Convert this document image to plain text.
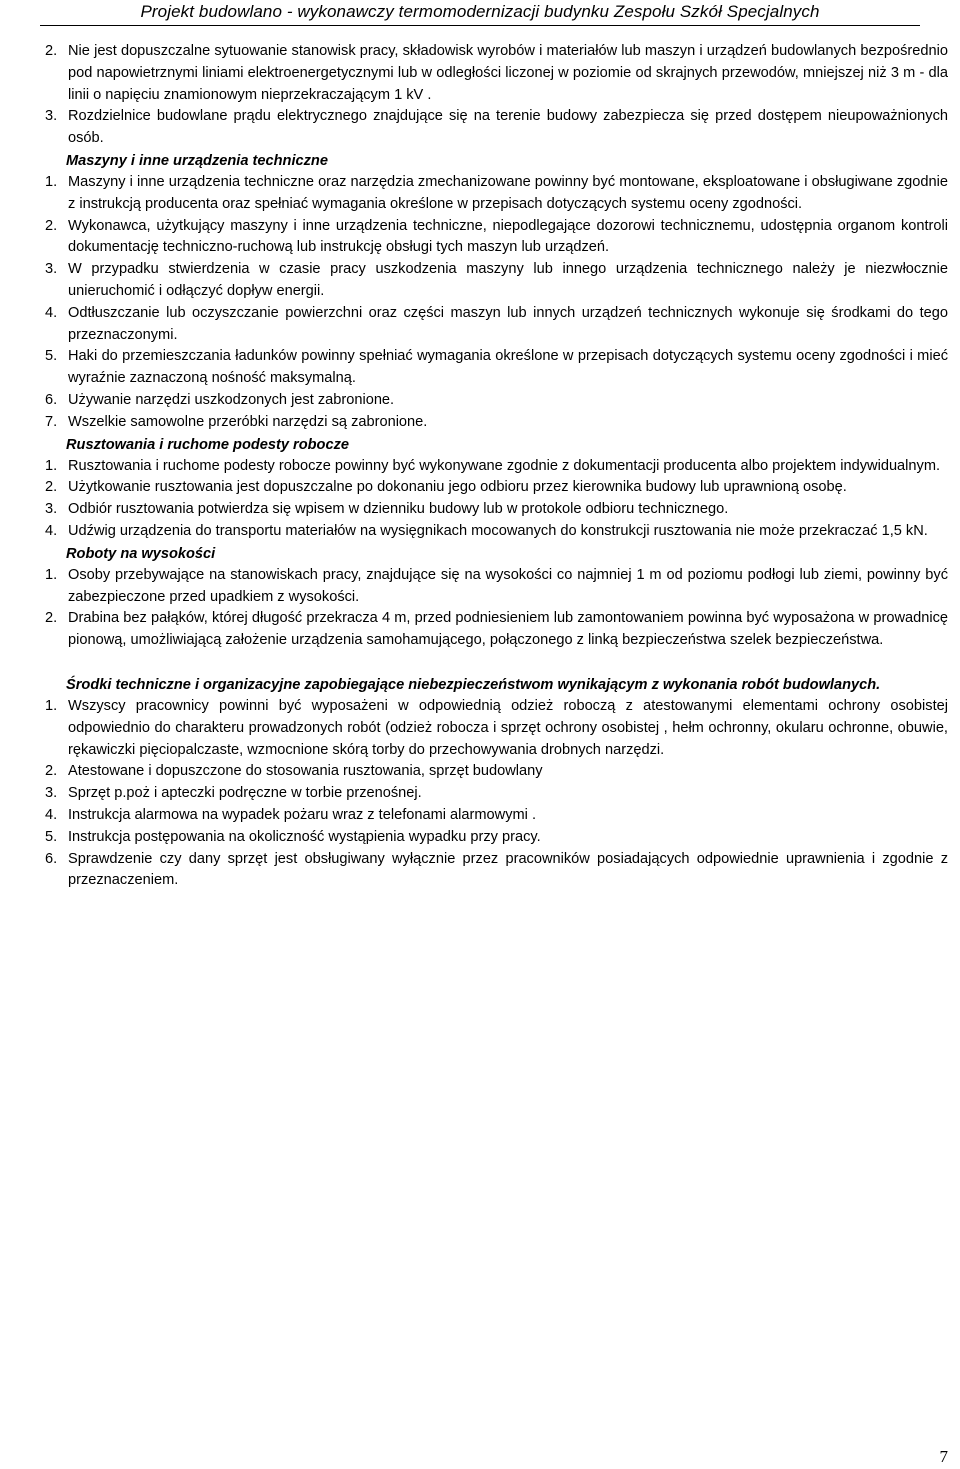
Projekt budowlano - wykonawczy termomodernizacji budynku Zespołu Szkół Specjalnych
2. Nie jest dopuszczalne sytuowanie stanowisk pracy, składowisk wyrobów i materiałów lub maszyn i urządzeń budowlanych bezpośrednio pod napowietrznymi liniami elektroenergetycznymi lub w odległości liczonej w poziomie od skrajnych przewodów, mniejszej niż 3 m - dla linii o napięciu znamionowym nieprzekraczającym 1 kV .
3. Rozdzielnice budowlane prądu elektrycznego znajdujące się na terenie budowy zabezpiecza się przed dostępem nieupoważnionych osób.
Maszyny i inne urządzenia techniczne
1. Maszyny i inne urządzenia techniczne oraz narzędzia zmechanizowane powinny być montowane, eksploatowane i obsługiwane zgodnie z instrukcją producenta oraz spełniać wymagania określone w przepisach dotyczących systemu oceny zgodności.
2. Wykonawca, użytkujący maszyny i inne urządzenia techniczne, niepodlegające dozorowi technicznemu, udostępnia organom kontroli dokumentację techniczno-ruchową lub instrukcję obsługi tych maszyn lub urządzeń.
3. W przypadku stwierdzenia w czasie pracy uszkodzenia maszyny lub innego urządzenia technicznego należy je niezwłocznie unieruchomić i odłączyć dopływ energii.
4. Odtłuszczanie lub oczyszczanie powierzchni oraz części maszyn lub innych urządzeń technicznych wykonuje się środkami do tego przeznaczonymi.
5. Haki do przemieszczania ładunków powinny spełniać wymagania określone w przepisach dotyczących systemu oceny zgodności i mieć wyraźnie zaznaczoną nośność maksymalną.
6. Używanie narzędzi uszkodzonych jest zabronione.
7. Wszelkie samowolne przeróbki narzędzi są zabronione.
Rusztowania i ruchome podesty robocze
1. Rusztowania i ruchome podesty robocze powinny być wykonywane zgodnie z dokumentacji producenta albo projektem indywidualnym.
2. Użytkowanie rusztowania jest dopuszczalne po dokonaniu jego odbioru przez kierownika budowy lub uprawnioną osobę.
3. Odbiór rusztowania potwierdza się wpisem w dzienniku budowy lub w protokole odbioru technicznego.
4. Udźwig urządzenia do transportu materiałów na wysięgnikach mocowanych do konstrukcji rusztowania nie może przekraczać 1,5 kN.
Roboty na wysokości
1. Osoby przebywające na stanowiskach pracy, znajdujące się na wysokości co najmniej 1 m od poziomu podłogi lub ziemi, powinny być zabezpieczone przed upadkiem z wysokości.
2. Drabina bez pałąków, której długość przekracza 4 m, przed podniesieniem lub zamontowaniem powinna być wyposażona w prowadnicę pionową, umożliwiającą założenie urządzenia samohamującego, połączonego z linką bezpieczeństwa szelek bezpieczeństwa.
Środki techniczne i organizacyjne zapobiegające niebezpieczeństwom wynikającym z wykonania robót budowlanych.
1. Wszyscy pracownicy powinni być wyposażeni w odpowiednią odzież roboczą z atestowanymi elementami ochrony osobistej odpowiednio do charakteru prowadzonych robót (odzież robocza i sprzęt ochrony osobistej , hełm ochronny, okularu ochronne, obuwie, rękawiczki pięciopalczaste, wzmocnione skórą torby do przechowywania drobnych narzędzi.
2. Atestowane i dopuszczone do stosowania rusztowania, sprzęt budowlany
3. Sprzęt p.poż i apteczki podręczne w torbie przenośnej.
4. Instrukcja alarmowa na wypadek pożaru wraz z telefonami alarmowymi .
5. Instrukcja postępowania na okoliczność wystąpienia wypadku przy pracy.
6. Sprawdzenie czy dany sprzęt jest obsługiwany wyłącznie przez pracowników posiadających odpowiednie uprawnienia i zgodnie z przeznaczeniem.
7
